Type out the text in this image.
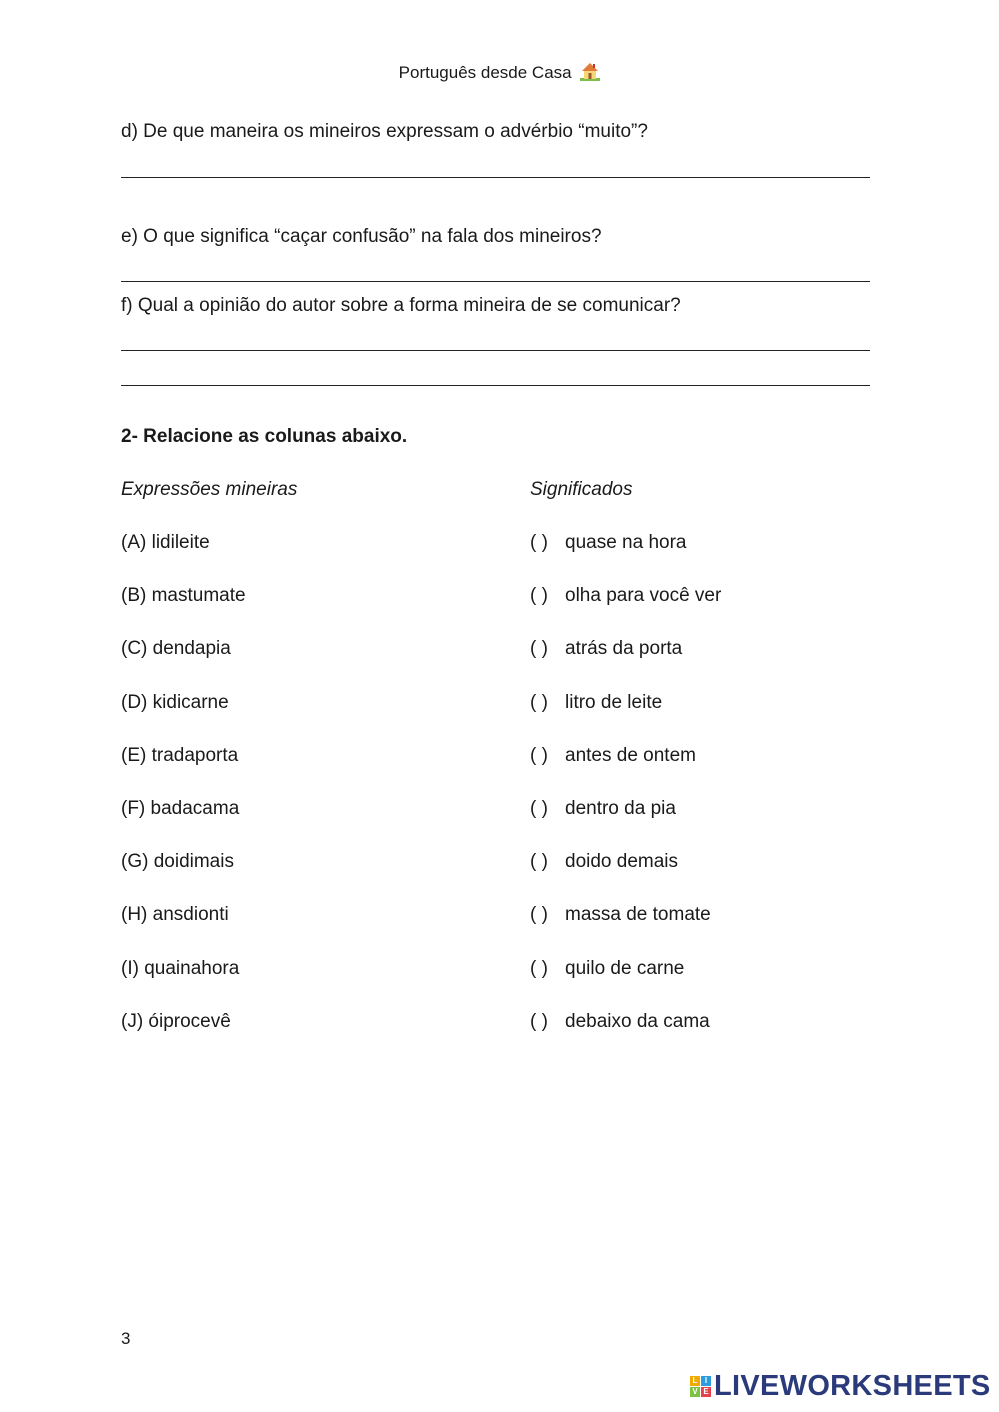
Português desde Casa
d) De que maneira os mineiros expressam o advérbio “muito”?
e) O que significa “caçar confusão” na fala dos mineiros?
f) Qual a opinião do autor sobre a forma mineira de se comunicar?
2- Relacione as colunas abaixo.
Expressões mineiras	Significados
(A) lidileite	( ) quase na hora
(B) mastumate	( ) olha para você ver
(C) dendapia	( ) atrás da porta
(D) kidicarne	( ) litro de leite
(E) tradaporta	( ) antes de ontem
(F) badacama	( ) dentro da pia
(G) doidimais	( ) doido demais
(H) ansdionti	( ) massa de tomate
(I) quainahora	( ) quilo de carne
(J) óiprocevê	( ) debaixo da cama
3
L I
V E LIVEWORKSHEETS
